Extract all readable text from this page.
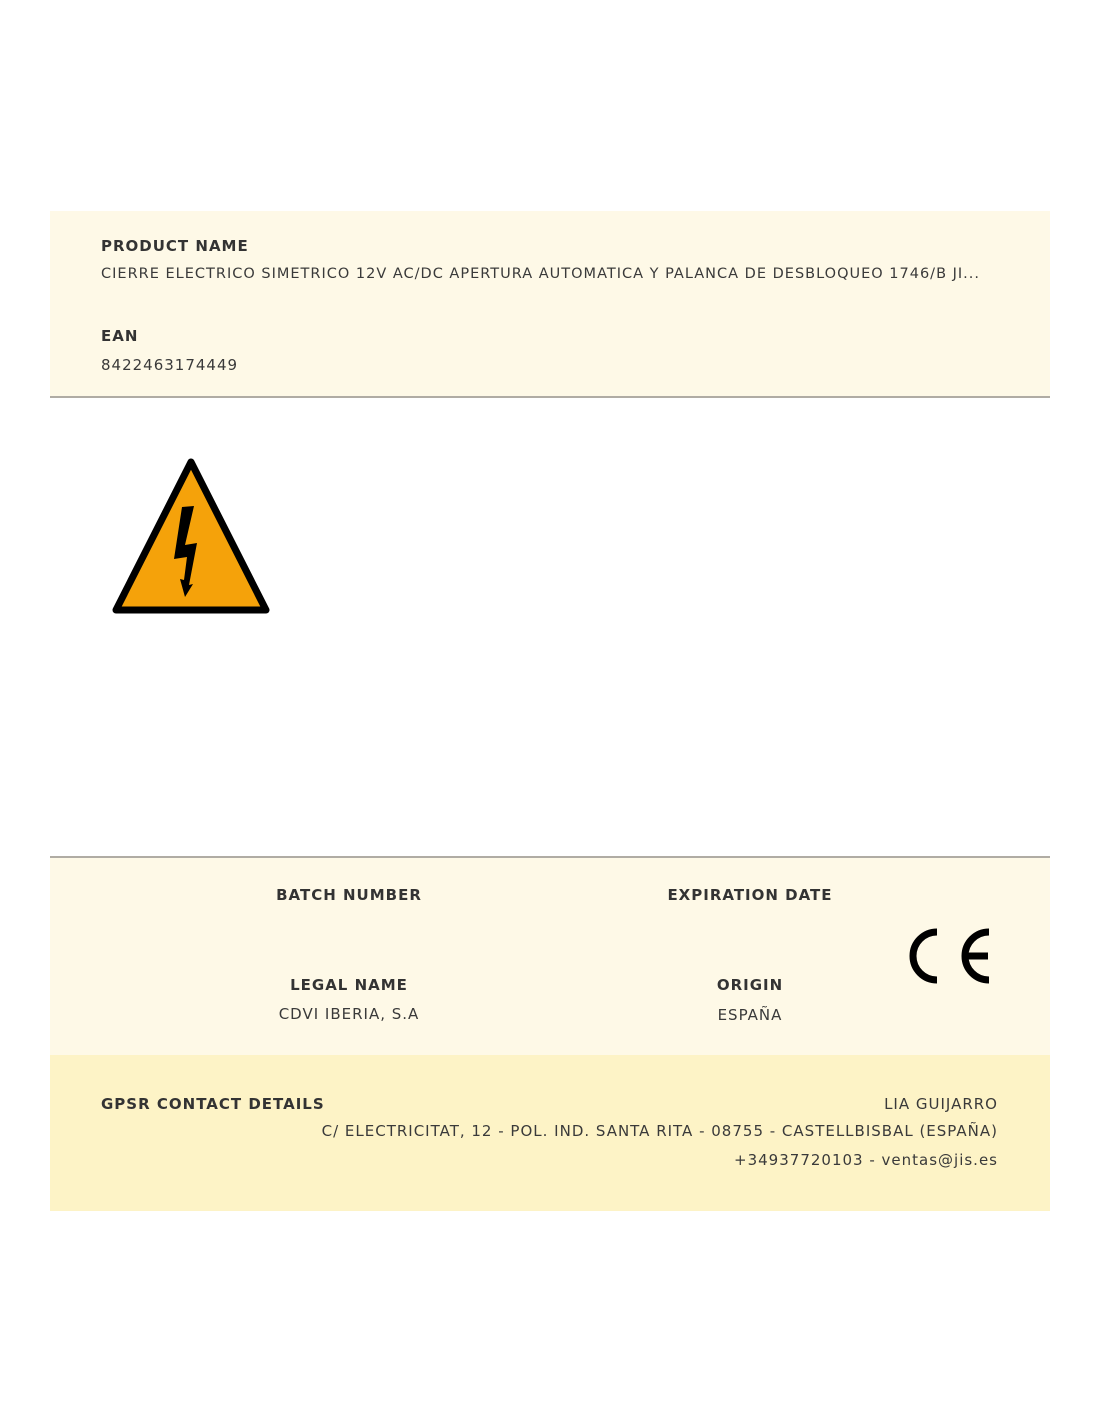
PRODUCT NAME
CIERRE ELECTRICO SIMETRICO 12V AC/DC APERTURA AUTOMATICA Y PALANCA DE DESBLOQUEO 1746/B JI...
EAN
8422463174449
BATCH NUMBER	EXPIRATION DATE
LEGAL NAME
CDVI IBERIA, S.A
ORIGIN
ESPAÑA
GPSR CONTACT DETAILS	LIA GUIJARRO
C/ ELECTRICITAT, 12 - POL. IND. SANTA RITA - 08755 - CASTELLBISBAL (ESPAÑA)
+34937720103 - ventas@jis.es
